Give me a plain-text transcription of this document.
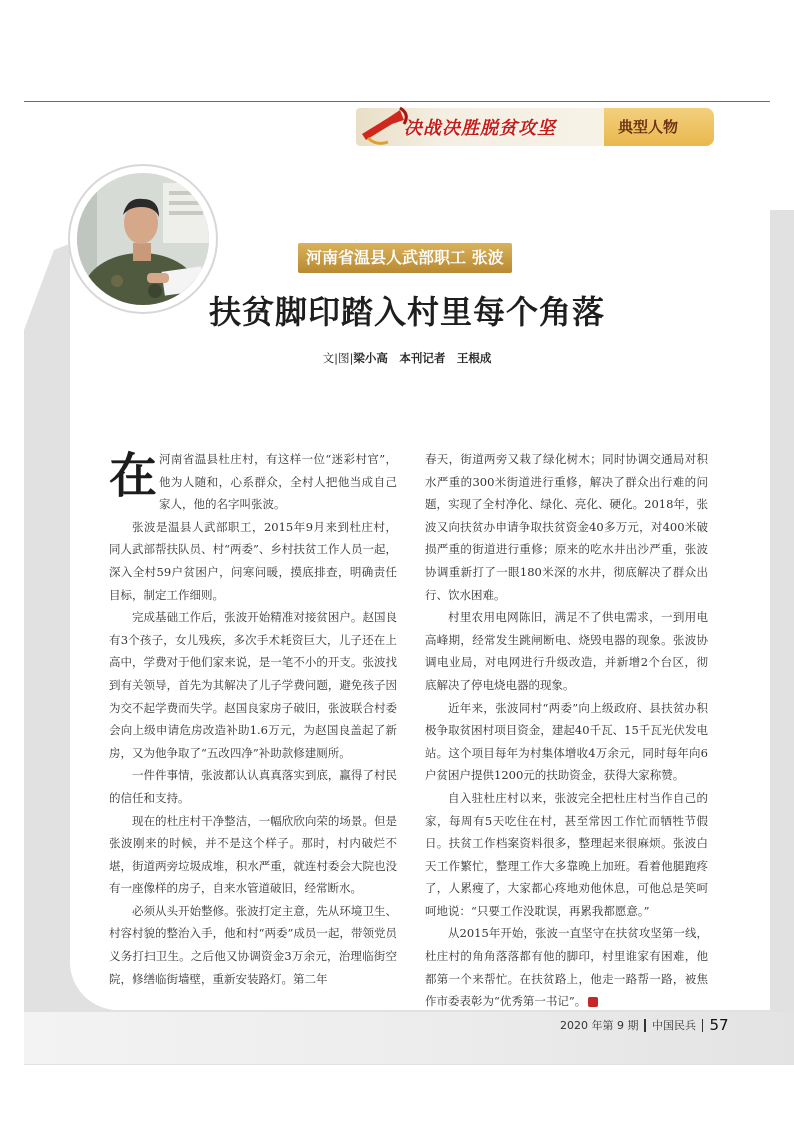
决战决胜脱贫攻坚	典型人物
河南省温县人武部职工 张波
扶贫脚印踏入村里每个角落
文|图|梁小高　本刊记者　王根成
在 河南省温县杜庄村，有这样一位“迷彩村官”，他为人随和，心系群众，全村人把他当成自己家人，他的名字叫张波。

张波是温县人武部职工，2015年9月来到杜庄村，同人武部帮扶队员、村“两委”、乡村扶贫工作人员一起，深入全村59户贫困户，问寒问暖，摸底排查，明确责任目标，制定工作细则。

完成基础工作后，张波开始精准对接贫困户。赵国良有3个孩子，女儿残疾，多次手术耗资巨大，儿子还在上高中，学费对于他们家来说，是一笔不小的开支。张波找到有关领导，首先为其解决了儿子学费问题，避免孩子因为交不起学费而失学。赵国良家房子破旧，张波联合村委会向上级申请危房改造补助1.6万元，为赵国良盖起了新房，又为他争取了“五改四净”补助款修建厕所。

一件件事情，张波都认认真真落实到底，赢得了村民的信任和支持。

现在的杜庄村干净整洁，一幅欣欣向荣的场景。但是张波刚来的时候，并不是这个样子。那时，村内破烂不堪，街道两旁垃圾成堆，积水严重，就连村委会大院也没有一座像样的房子，自来水管道破旧，经常断水。

必须从头开始整修。张波打定主意，先从环境卫生、村容村貌的整治入手，他和村“两委”成员一起，带领党员义务打扫卫生。之后他又协调资金3万余元，治理临街空院，修缮临街墙壁，重新安装路灯。第二年

春天，街道两旁又栽了绿化树木；同时协调交通局对积水严重的300米街道进行重修，解决了群众出行难的问题，实现了全村净化、绿化、亮化、硬化。2018年，张波又向扶贫办申请争取扶贫资金40多万元，对400米破损严重的街道进行重修；原来的吃水井出沙严重，张波协调重新打了一眼180米深的水井，彻底解决了群众出行、饮水困难。

村里农用电网陈旧，满足不了供电需求，一到用电高峰期，经常发生跳闸断电、烧毁电器的现象。张波协调电业局，对电网进行升级改造，并新增2个台区，彻底解决了停电烧电器的现象。

近年来，张波同村“两委”向上级政府、县扶贫办积极争取贫困村项目资金，建起40千瓦、15千瓦光伏发电站。这个项目每年为村集体增收4万余元，同时每年向6户贫困户提供1200元的扶助资金，获得大家称赞。

自入驻杜庄村以来，张波完全把杜庄村当作自己的家，每周有5天吃住在村，甚至常因工作忙而牺牲节假日。扶贫工作档案资料很多，整理起来很麻烦。张波白天工作繁忙，整理工作大多靠晚上加班。看着他腿跑疼了，人累瘦了，大家都心疼地劝他休息，可他总是笑呵呵地说：“只要工作没耽误，再累我都愿意。”

从2015年开始，张波一直坚守在扶贫攻坚第一线，杜庄村的角角落落都有他的脚印，村里谁家有困难，他都第一个来帮忙。在扶贫路上，他走一路帮一路，被焦作市委表彰为“优秀第一书记”。

2020 年第 9 期 中国民兵 57
